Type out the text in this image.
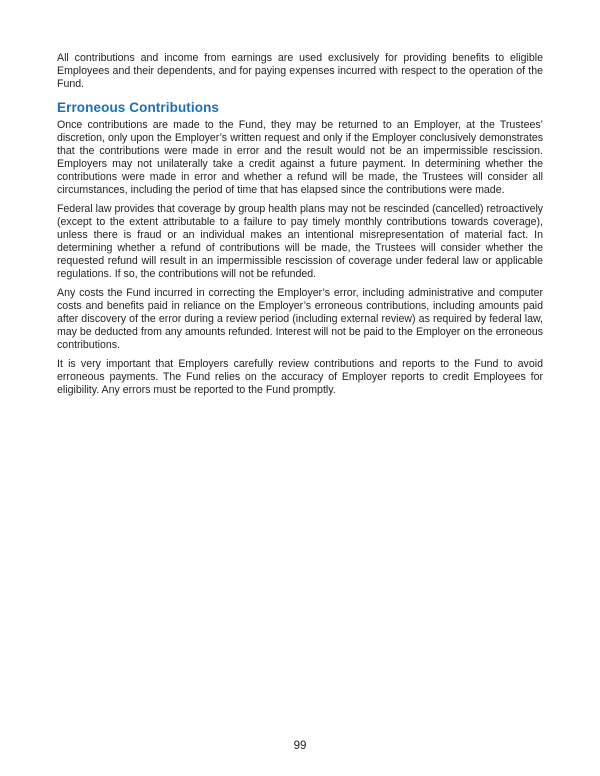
All contributions and income from earnings are used exclusively for providing benefits to eligible
Employees and their dependents, and for paying expenses incurred with respect to the operation of the
Fund.
Erroneous Contributions
Once contributions are made to the Fund, they may be returned to an Employer, at the Trustees’
discretion, only upon the Employer’s written request and only if the Employer conclusively demonstrates
that the contributions were made in error and the result would not be an impermissible rescission.
Employers may not unilaterally take a credit against a future payment. In determining whether the
contributions were made in error and whether a refund will be made, the Trustees will consider all
circumstances, including the period of time that has elapsed since the contributions were made.
Federal law provides that coverage by group health plans may not be rescinded (cancelled) retroactively
(except to the extent attributable to a failure to pay timely monthly contributions towards coverage),
unless there is fraud or an individual makes an intentional misrepresentation of material fact. In
determining whether a refund of contributions will be made, the Trustees will consider whether the
requested refund will result in an impermissible rescission of coverage under federal law or applicable
regulations. If so, the contributions will not be refunded.
Any costs the Fund incurred in correcting the Employer’s error, including administrative and computer
costs and benefits paid in reliance on the Employer’s erroneous contributions, including amounts paid
after discovery of the error during a review period (including external review) as required by federal law,
may be deducted from any amounts refunded. Interest will not be paid to the Employer on the erroneous
contributions.
It is very important that Employers carefully review contributions and reports to the Fund to avoid
erroneous payments. The Fund relies on the accuracy of Employer reports to credit Employees for
eligibility. Any errors must be reported to the Fund promptly.
99
